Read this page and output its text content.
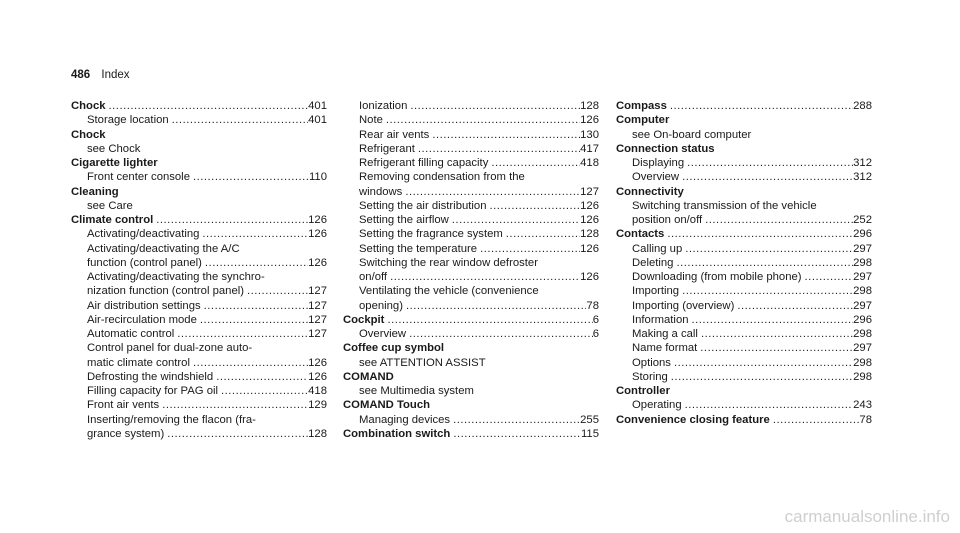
486 Index
Chock .....	401
Storage location .....	401
Chock
see Chock
Cigarette lighter
Front center console .....	110
Cleaning
see Care
Climate control .....	126
Activating/deactivating .....	126
Activating/deactivating the A/C
function (control panel) .....	126
Activating/deactivating the synchro-
nization function (control panel) .....	127
Air distribution settings .....	127
Air-recirculation mode .....	127
Automatic control .....	127
Control panel for dual-zone auto-
matic climate control .....	126
Defrosting the windshield .....	126
Filling capacity for PAG oil .....	418
Front air vents .....	129
Inserting/removing the flacon (fra-
grance system) .....	128
Ionization .....	128
Note .....	126
Rear air vents .....	130
Refrigerant .....	417
Refrigerant filling capacity .....	418
Removing condensation from the
windows .....	127
Setting the air distribution .....	126
Setting the airflow .....	126
Setting the fragrance system .....	128
Setting the temperature .....	126
Switching the rear window defroster
on/off .....	126
Ventilating the vehicle (convenience
opening) .....	78
Cockpit .....	6
Overview .....	6
Coffee cup symbol
see ATTENTION ASSIST
COMAND
see Multimedia system
COMAND Touch
Managing devices .....	255
Combination switch .....	115
Compass .....	288
Computer
see On-board computer
Connection status
Displaying .....	312
Overview .....	312
Connectivity
Switching transmission of the vehicle
position on/off .....	252
Contacts .....	296
Calling up .....	297
Deleting .....	298
Downloading (from mobile phone) .....	297
Importing .....	298
Importing (overview) .....	297
Information .....	296
Making a call .....	298
Name format .....	297
Options .....	298
Storing .....	298
Controller
Operating .....	243
Convenience closing feature .....	78
carmanualsonline.info
